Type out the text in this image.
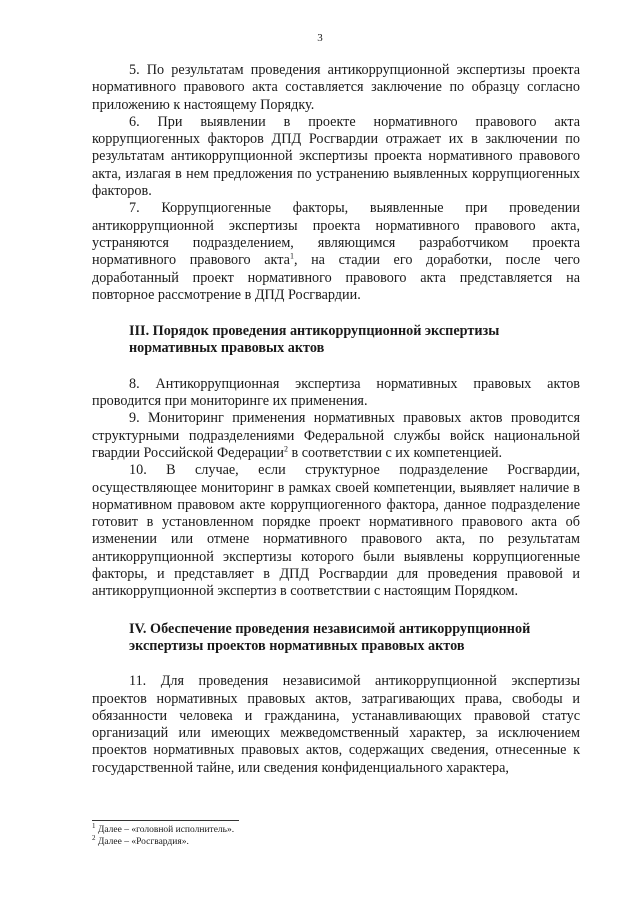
3

5. По результатам проведения антикоррупционной экспертизы проекта нормативного правового акта составляется заключение по образцу согласно приложению к настоящему Порядку.

6. При выявлении в проекте нормативного правового акта коррупциогенных факторов ДПД Росгвардии отражает их в заключении по результатам антикоррупционной экспертизы проекта нормативного правового акта, излагая в нем предложения по устранению выявленных коррупциогенных факторов.

7. Коррупциогенные факторы, выявленные при проведении антикоррупционной экспертизы проекта нормативного правового акта, устраняются подразделением, являющимся разработчиком проекта нормативного правового акта$^1$, на стадии его доработки, после чего доработанный проект нормативного правового акта представляется на повторное рассмотрение в ДПД Росгвардии.

III. Порядок проведения антикоррупционной экспертизы
нормативных правовых актов

8. Антикоррупционная экспертиза нормативных правовых актов проводится при мониторинге их применения.

9. Мониторинг применения нормативных правовых актов проводится структурными подразделениями Федеральной службы войск национальной гвардии Российской Федерации$^2$ в соответствии с их компетенцией.

10. В случае, если структурное подразделение Росгвардии, осуществляющее мониторинг в рамках своей компетенции, выявляет наличие в нормативном правовом акте коррупциогенного фактора, данное подразделение готовит в установленном порядке проект нормативного правового акта об изменении или отмене нормативного правового акта, по результатам антикоррупционной экспертизы которого были выявлены коррупциогенные факторы, и представляет в ДПД Росгвардии для проведения правовой и антикоррупционной экспертиз в соответствии с настоящим Порядком.

IV. Обеспечение проведения независимой антикоррупционной
экспертизы проектов нормативных правовых актов

11. Для проведения независимой антикоррупционной экспертизы проектов нормативных правовых актов, затрагивающих права, свободы и обязанности человека и гражданина, устанавливающих правовой статус организаций или имеющих межведомственный характер, за исключением проектов нормативных правовых актов, содержащих сведения, отнесенные к государственной тайне, или сведения конфиденциального характера,

$^1$ Далее – «головной исполнитель».

$^2$ Далее – «Росгвардия».
